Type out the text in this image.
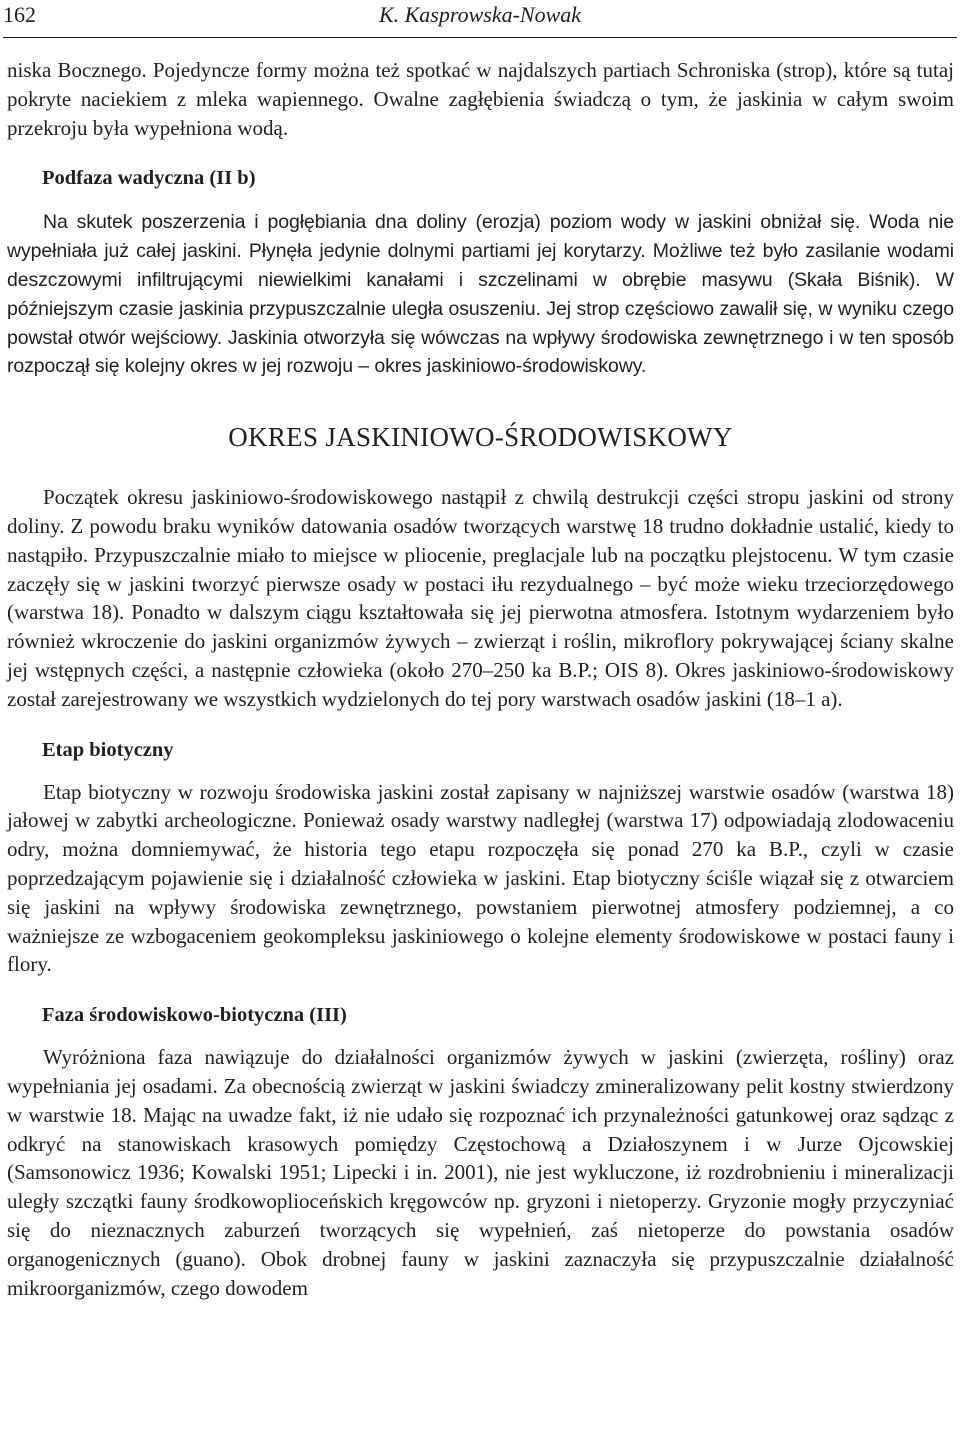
162	K. Kasprowska-Nowak

niska Bocznego. Pojedyncze formy można też spotkać w najdalszych partiach Schroniska (strop), które są tutaj pokryte naciekiem z mleka wapiennego. Owalne zagłębienia świadczą o tym, że jaskinia w całym swoim przekroju była wypełniona wodą.

Podfaza wadyczna (II b)

Na skutek poszerzenia i pogłębiania dna doliny (erozja) poziom wody w jaskini obniżał się. Woda nie wypełniała już całej jaskini. Płynęła jedynie dolnymi partiami jej korytarzy. Możliwe też było zasilanie wodami deszczowymi infiltrującymi niewielkimi kanałami i szczelinami w obrębie masywu (Skała Biśnik). W późniejszym czasie jaskinia przypuszczalnie uległa osuszeniu. Jej strop częściowo zawalił się, w wyniku czego powstał otwór wejściowy. Jaskinia otworzyła się wówczas na wpływy środowiska zewnętrznego i w ten sposób rozpoczął się kolejny okres w jej rozwoju – okres jaskiniowo-środowiskowy.

OKRES JASKINIOWO-ŚRODOWISKOWY

Początek okresu jaskiniowo-środowiskowego nastąpił z chwilą destrukcji części stropu jaskini od strony doliny. Z powodu braku wyników datowania osadów tworzących warstwę 18 trudno dokładnie ustalić, kiedy to nastąpiło. Przypuszczalnie miało to miejsce w pliocenie, preglacjale lub na początku plejstocenu. W tym czasie zaczęły się w jaskini tworzyć pierwsze osady w postaci iłu rezydualnego – być może wieku trzeciorzędowego (warstwa 18). Ponadto w dalszym ciągu kształtowała się jej pierwotna atmosfera. Istotnym wydarzeniem było również wkroczenie do jaskini organizmów żywych – zwierząt i roślin, mikroflory pokrywającej ściany skalne jej wstępnych części, a następnie człowieka (około 270–250 ka B.P.; OIS 8). Okres jaskiniowo-środowiskowy został zarejestrowany we wszystkich wydzielonych do tej pory warstwach osadów jaskini (18–1 a).

Etap biotyczny

Etap biotyczny w rozwoju środowiska jaskini został zapisany w najniższej warstwie osadów (warstwa 18) jałowej w zabytki archeologiczne. Ponieważ osady warstwy nadległej (warstwa 17) odpowiadają zlodowaceniu odry, można domniemywać, że historia tego etapu rozpoczęła się ponad 270 ka B.P., czyli w czasie poprzedzającym pojawienie się i działalność człowieka w jaskini. Etap biotyczny ściśle wiązał się z otwarciem się jaskini na wpływy środowiska zewnętrznego, powstaniem pierwotnej atmosfery podziemnej, a co ważniejsze ze wzbogaceniem geokompleksu jaskiniowego o kolejne elementy środowiskowe w postaci fauny i flory.

Faza środowiskowo-biotyczna (III)

Wyróżniona faza nawiązuje do działalności organizmów żywych w jaskini (zwierzęta, rośliny) oraz wypełniania jej osadami. Za obecnością zwierząt w jaskini świadczy zmineralizowany pelit kostny stwierdzony w warstwie 18. Mając na uwadze fakt, iż nie udało się rozpoznać ich przynależności gatunkowej oraz sądząc z odkryć na stanowiskach krasowych pomiędzy Częstochową a Działoszynem i w Jurze Ojcowskiej (Samsonowicz 1936; Kowalski 1951; Lipecki i in. 2001), nie jest wykluczone, iż rozdrobnieniu i mineralizacji uległy szczątki fauny środkowoplioceńskich kręgowców np. gryzoni i nietoperzy. Gryzonie mogły przyczyniać się do nieznacznych zaburzeń tworzących się wypełnień, zaś nietoperze do powstania osadów organogenicznych (guano). Obok drobnej fauny w jaskini zaznaczyła się przypuszczalnie działalność mikroorganizmów, czego dowodem
